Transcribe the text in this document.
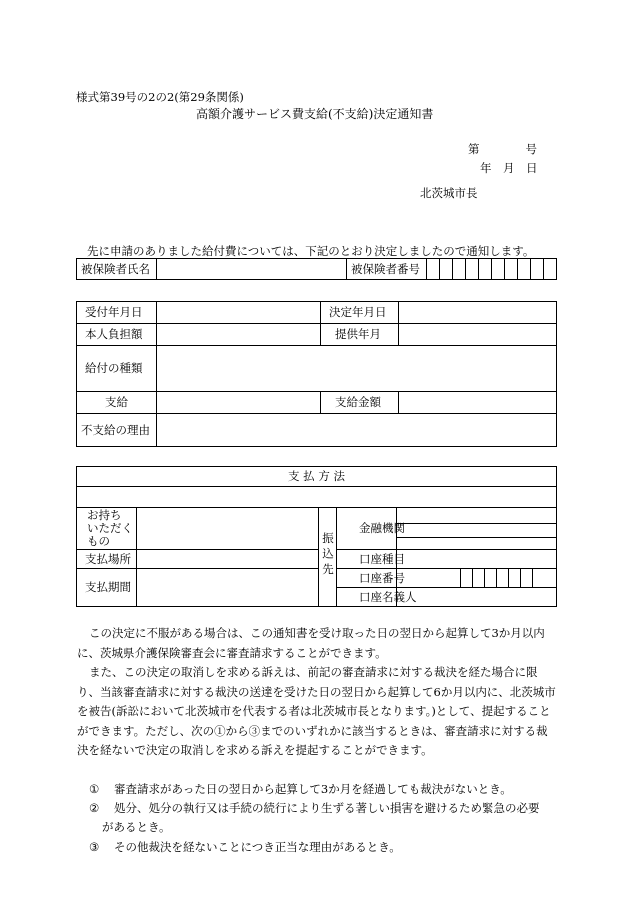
様式第39号の2の2(第29条関係)
高額介護サービス費支給(不支給)決定通知書
第　　　　号
年　月　日
北茨城市長
先に申請のありました給付費については、下記のとおり決定しましたので通知します。
被保険者氏名		被保険者番号										
受付年月日		決定年月日	
本人負担額		提供年月	
給付の種類			
支給		支給金額	
不支給の理由			
支 払 方 法											

お持ち
いただく
もの		振込先	金融機関								

支払場所			口座種目								
支払期間			口座番号								
			口座名義人								
この決定に不服がある場合は、この通知書を受け取った日の翌日から起算して3か月以内に、茨城県介護保険審査会に審査請求することができます。
また、この決定の取消しを求める訴えは、前記の審査請求に対する裁決を経た場合に限り、当該審査請求に対する裁決の送達を受けた日の翌日から起算して6か月以内に、北茨城市を被告(訴訟において北茨城市を代表する者は北茨城市長となります。)として、提起することができます。ただし、次の①から③までのいずれかに該当するときは、審査請求に対する裁決を経ないで決定の取消しを求める訴えを提起することができます。
① 審査請求があった日の翌日から起算して3か月を経過しても裁決がないとき。
② 処分、処分の執行又は手続の続行により生ずる著しい損害を避けるため緊急の必要
があるとき。
③ その他裁決を経ないことにつき正当な理由があるとき。
